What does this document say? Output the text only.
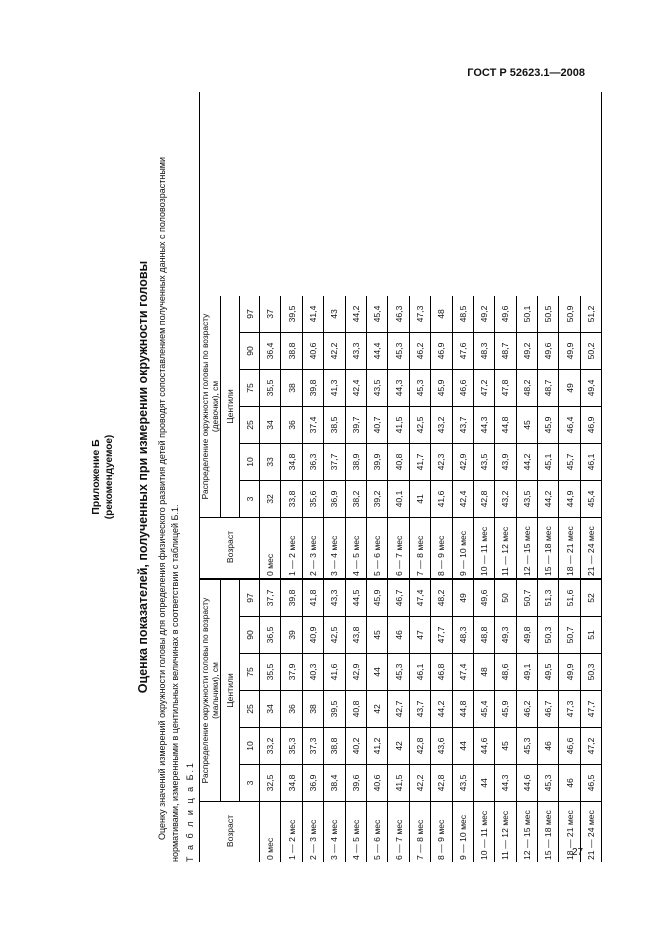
ГОСТ Р 52623.1—2008
Приложение Б (рекомендуемое) Оценка показателей, полученных при измерении окружности головы Оценку значений измерений окружности головы для определения физического развития детей проводят сопоставлением полученных данных с половозрастными нормативами, измеренными в центильных величинах в соответствии с таблицей Б.1. Т а б л и ц а Б.1	Возраст	Распределение окружности головы по возрасту (мальчики), см					
	Центили					
	3	10	25	75	90	97
0 мес	32,5	33,2	34	35,5	36,5	37,7
1 — 2 мес	34,8	35,3	36	37,9	39	39,8
2 — 3 мес	36,9	37,3	38	40,3	40,9	41,8
3 — 4 мес	38,4	38,8	39,5	41,6	42,5	43,3
4 — 5 мес	39,6	40,2	40,8	42,9	43,8	44,5
5 — 6 мес	40,6	41,2	42	44	45	45,9
6 — 7 мес	41,5	42	42,7	45,3	46	46,7
7 — 8 мес	42,2	42,8	43,7	46,1	47	47,4
8 — 9 мес	42,8	43,6	44,2	46,8	47,7	48,2
9 — 10 мес	43,5	44	44,8	47,4	48,3	49
10 — 11 мес	44	44,6	45,4	48	48,8	49,6
11 — 12 мес	44,3	45	45,9	48,6	49,3	50
12 — 15 мес	44,6	45,3	46,2	49,1	49,8	50,7
15 — 18 мес	45,3	46	46,7	49,5	50,3	51,3
18 — 21 мес	46	46,6	47,3	49,9	50,7	51,6
21 — 24 мес	46,5	47,2	47,7	50,3	51	52
Возраст	Распределение окружности головы по возрасту (девочки), см					
	Центили					
	3	10	25	75	90	97
0 мес	32	33	34	35,5	36,4	37
1 — 2 мес	33,8	34,8	36	38	38,8	39,5
2 — 3 мес	35,6	36,3	37,4	39,8	40,6	41,4
3 — 4 мес	36,9	37,7	38,5	41,3	42,2	43
4 — 5 мес	38,2	38,9	39,7	42,4	43,3	44,2
5 — 6 мес	39,2	39,9	40,7	43,5	44,4	45,4
6 — 7 мес	40,1	40,8	41,5	44,3	45,3	46,3
7 — 8 мес	41	41,7	42,5	45,3	46,2	47,3
8 — 9 мес	41,6	42,3	43,2	45,9	46,9	48
9 — 10 мес	42,4	42,9	43,7	46,6	47,6	48,5
10 — 11 мес	42,8	43,5	44,3	47,2	48,3	49,2
11 — 12 мес	43,2	43,9	44,8	47,8	48,7	49,6
12 — 15 мес	43,5	44,2	45	48,2	49,2	50,1
15 — 18 мес	44,2	45,1	45,9	48,7	49,6	50,5
18 — 21 мес	44,9	45,7	46,4	49	49,9	50,9
21 — 24 мес	45,4	46,1	46,9	49,4	50,2	51,2
27
